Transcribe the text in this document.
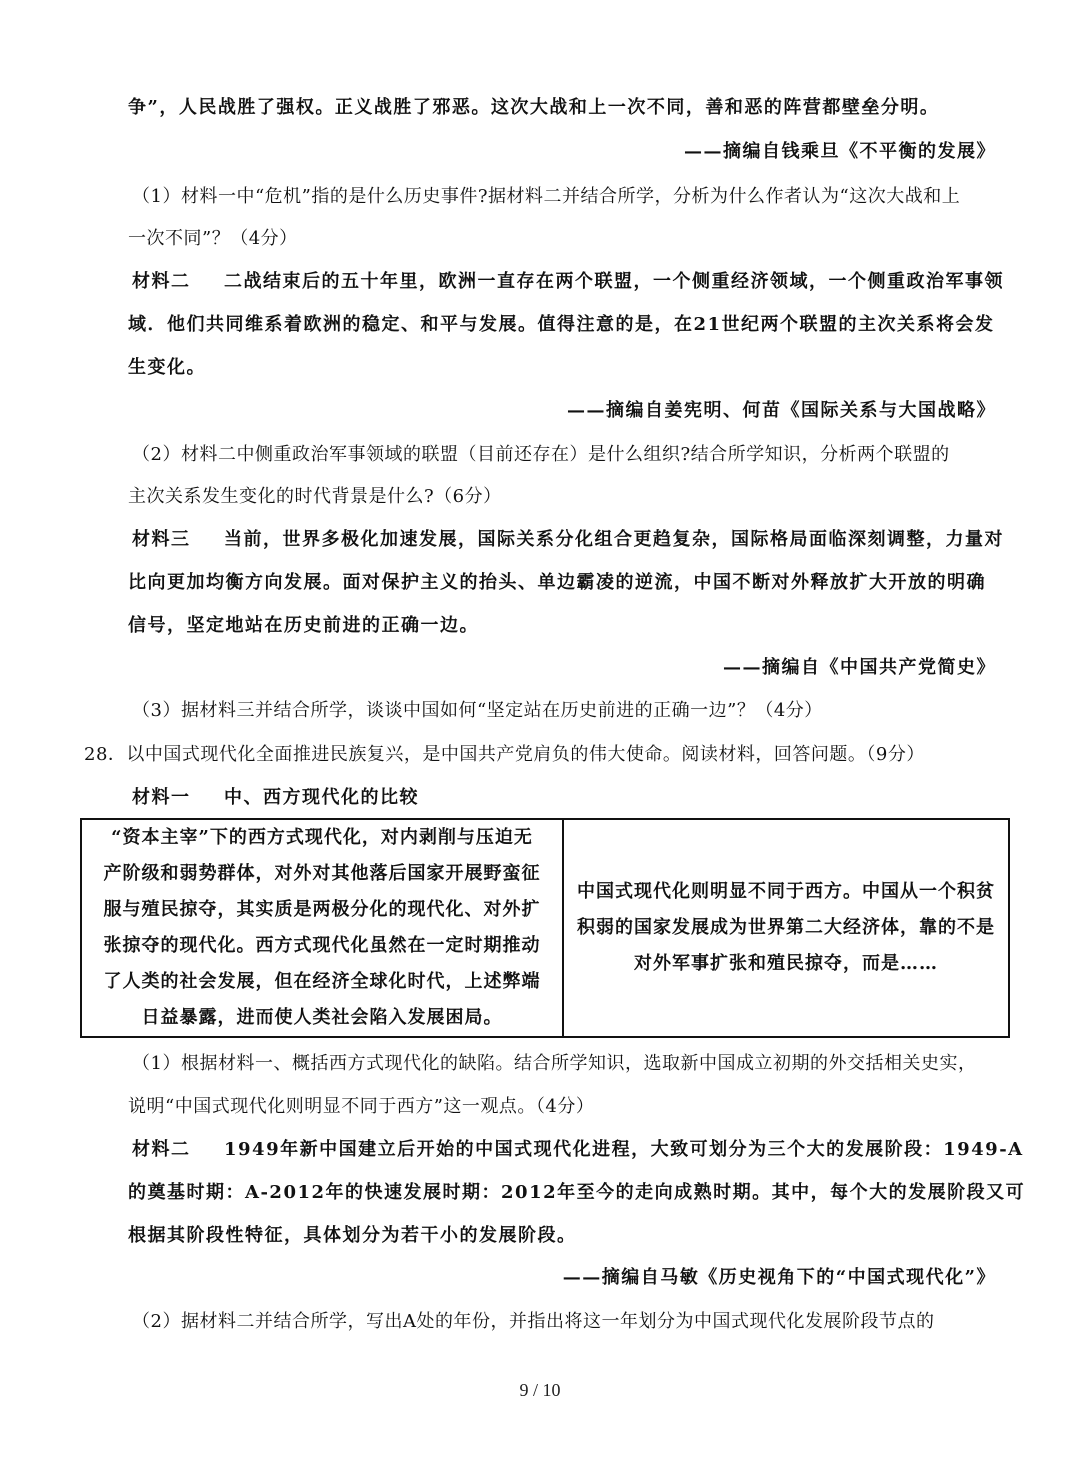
争”，人民战胜了强权。正义战胜了邪恶。这次大战和上一次不同，善和恶的阵营都壁垒分明。
——摘编自钱乘旦《不平衡的发展》
（1）材料一中“危机”指的是什么历史事件?据材料二并结合所学，分析为什么作者认为“这次大战和上
一次不同”？（4分）
材料二 二战结束后的五十年里，欧洲一直存在两个联盟，一个侧重经济领域，一个侧重政治军事领
域．他们共同维系着欧洲的稳定、和平与发展。值得注意的是，在21世纪两个联盟的主次关系将会发
生变化。
——摘编自姜宪明、何苗《国际关系与大国战略》
（2）材料二中侧重政治军事领域的联盟（目前还存在）是什么组织?结合所学知识，分析两个联盟的
主次关系发生变化的时代背景是什么?（6分）
材料三 当前，世界多极化加速发展，国际关系分化组合更趋复杂，国际格局面临深刻调整，力量对
比向更加均衡方向发展。面对保护主义的抬头、单边霸凌的逆流，中国不断对外释放扩大开放的明确
信号，坚定地站在历史前进的正确一边。
——摘编自《中国共产党简史》
（3）据材料三并结合所学，谈谈中国如何“坚定站在历史前进的正确一边”？（4分）
28．以中国式现代化全面推进民族复兴，是中国共产党肩负的伟大使命。阅读材料，回答问题。（9分）
材料一 中、西方现代化的比较
“资本主宰”下的西方式现代化，对内剥削与压迫无
产阶级和弱势群体，对外对其他落后国家开展野蛮征
服与殖民掠夺，其实质是两极分化的现代化、对外扩
张掠夺的现代化。西方式现代化虽然在一定时期推动
了人类的社会发展，但在经济全球化时代，上述弊端
日益暴露，进而使人类社会陷入发展困局。

中国式现代化则明显不同于西方。中国从一个积贫
积弱的国家发展成为世界第二大经济体，靠的不是
对外军事扩张和殖民掠夺，而是……
（1）根据材料一、概括西方式现代化的缺陷。结合所学知识，选取新中国成立初期的外交括相关史实，
说明“中国式现代化则明显不同于西方”这一观点。（4分）
材料二 1949年新中国建立后开始的中国式现代化进程，大致可划分为三个大的发展阶段：1949-A
的奠基时期：A-2012年的快速发展时期：2012年至今的走向成熟时期。其中，每个大的发展阶段又可
根据其阶段性特征，具体划分为若干小的发展阶段。
——摘编自马敏《历史视角下的“中国式现代化”》
（2）据材料二并结合所学，写出A处的年份，并指出将这一年划分为中国式现代化发展阶段节点的
9 / 10
